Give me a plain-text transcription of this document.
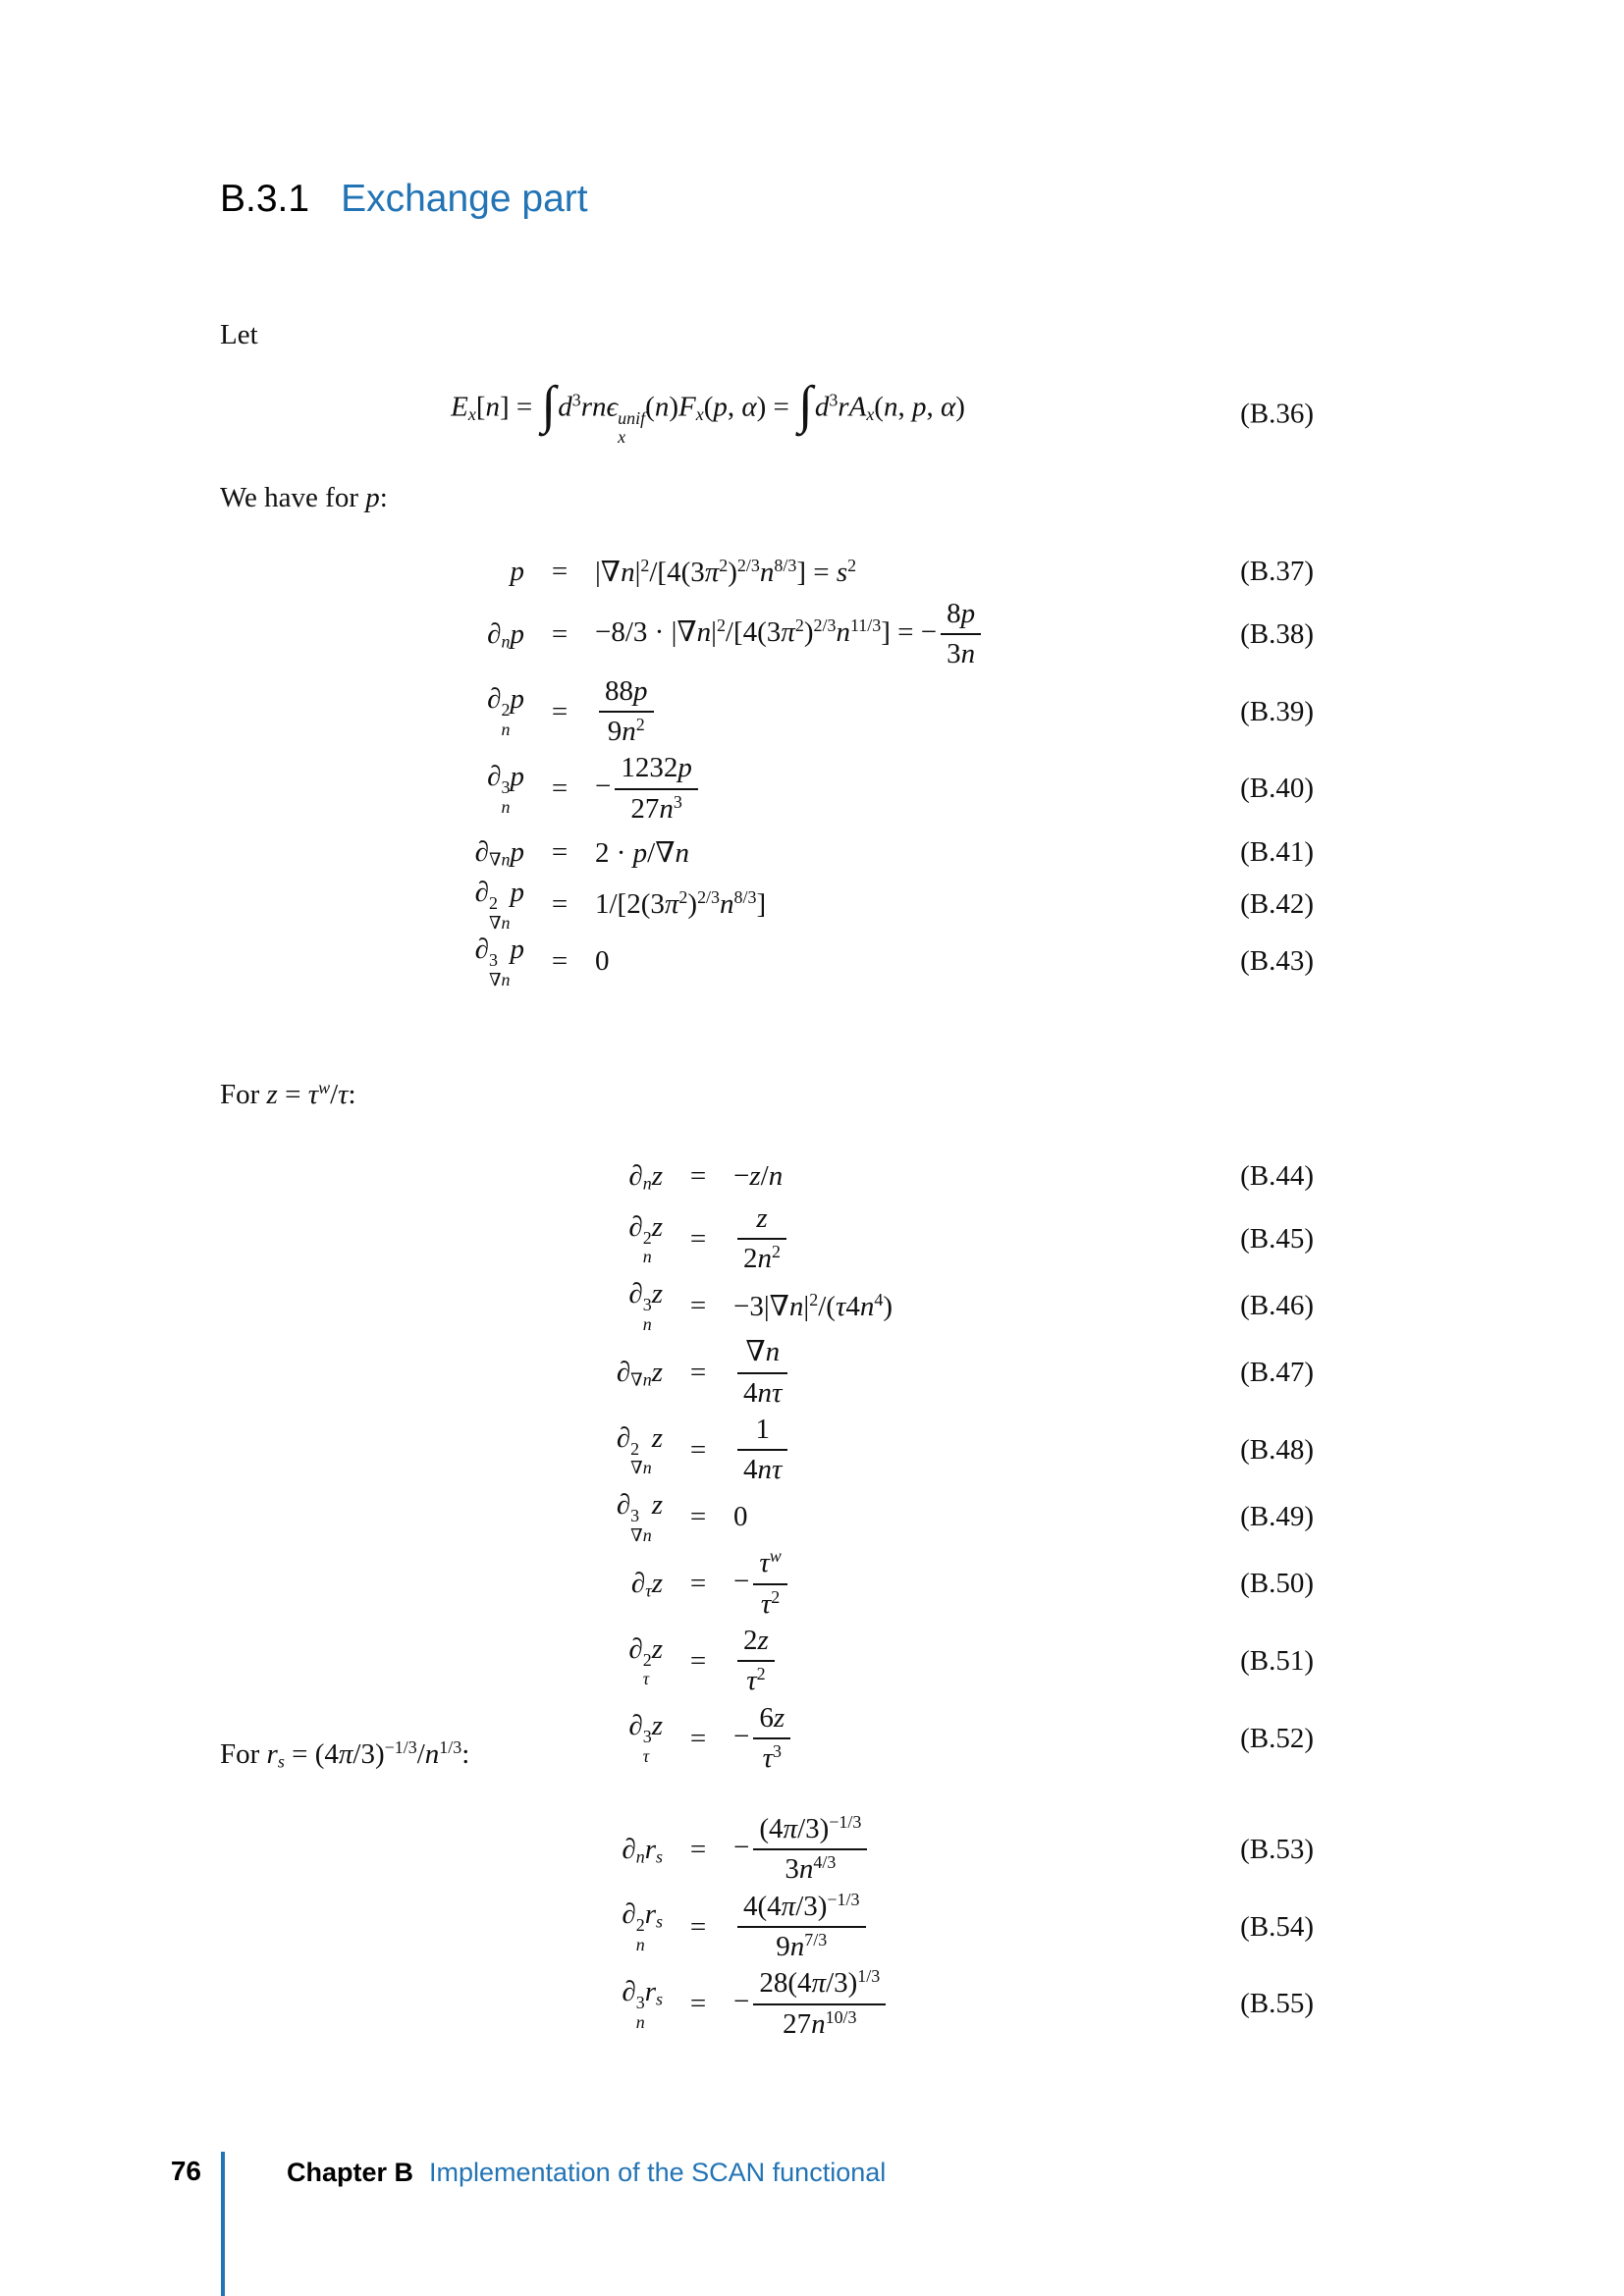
B.3.1 Exchange part
Let
$E_x[n] = \int d^3rn\epsilon$ unif
x
$(n)F_x(p$, $\alpha) = \int d^3rA_x(n$, p, α)	(B.36)
We have for p:
$p = |\nabla n|^2/[4(3\pi^2)^{2/3}n^{8/3}] = s^2$	(B.37)
$\partial_np = -8/3 \cdot |\nabla n|^2/[4(3\pi^2)^{2/3}n^{11/3}]$ = − $\frac{8p}{3n}$	(B.38)
∂ 2
n
p =	$\frac{88p}{9n^2}$	(B.39)
∂ 3
n
p = − $\frac{1232p}{27n^3}$	(B.40)
$\partial_{\nabla n}p = 2 \cdot p/\nabla n$	(B.41)
∂ 2
∇n
$p = 1/[2(3\pi^2)^{2/3}n^{8/3}]$	(B.42)
∂ 3
∇n
p = 0	(B.43)
For $z = \tau^w/\tau$:
$\partial_nz = -z/n$	(B.44)
∂ 2
n
z =	$\frac{z}{2n^2}$	(B.45)
∂ 3
n
$z = -3|\nabla n|^2/(\tau 4n^4)$	(B.46)
$\partial_{\nabla n}z$ =	$\frac{\nabla n}{4n\tau}$	(B.47)
∂ 2
∇n
z =	$\frac{1}{4n\tau}$	(B.48)
∂ 3
∇n
z = 0	(B.49)
$\partial_\tau z$ = − $\frac{\tau^w}{\tau^2}$	(B.50)
∂ 2
τ
z =	$\frac{2z}{\tau^2}$	(B.51)
∂ 3
τ
z = − $\frac{6z}{\tau^3}$	(B.52)
For $r_s = (4\pi/3)^{-1/3}/n^{1/3}$:
$\partial_nr_s$ = − $\frac{(4\pi/3)^{-1/3}}{3n^{4/3}}$	(B.53)
∂ 2
n
$r_s$ =	$\frac{4(4\pi/3)^{-1/3}}{9n^{7/3}}$	(B.54)
∂ 3
n
$r_s$ = − $\frac{28(4\pi/3)^{1/3}}{27n^{10/3}}$	(B.55)
76	Chapter B Implementation of the SCAN functional
